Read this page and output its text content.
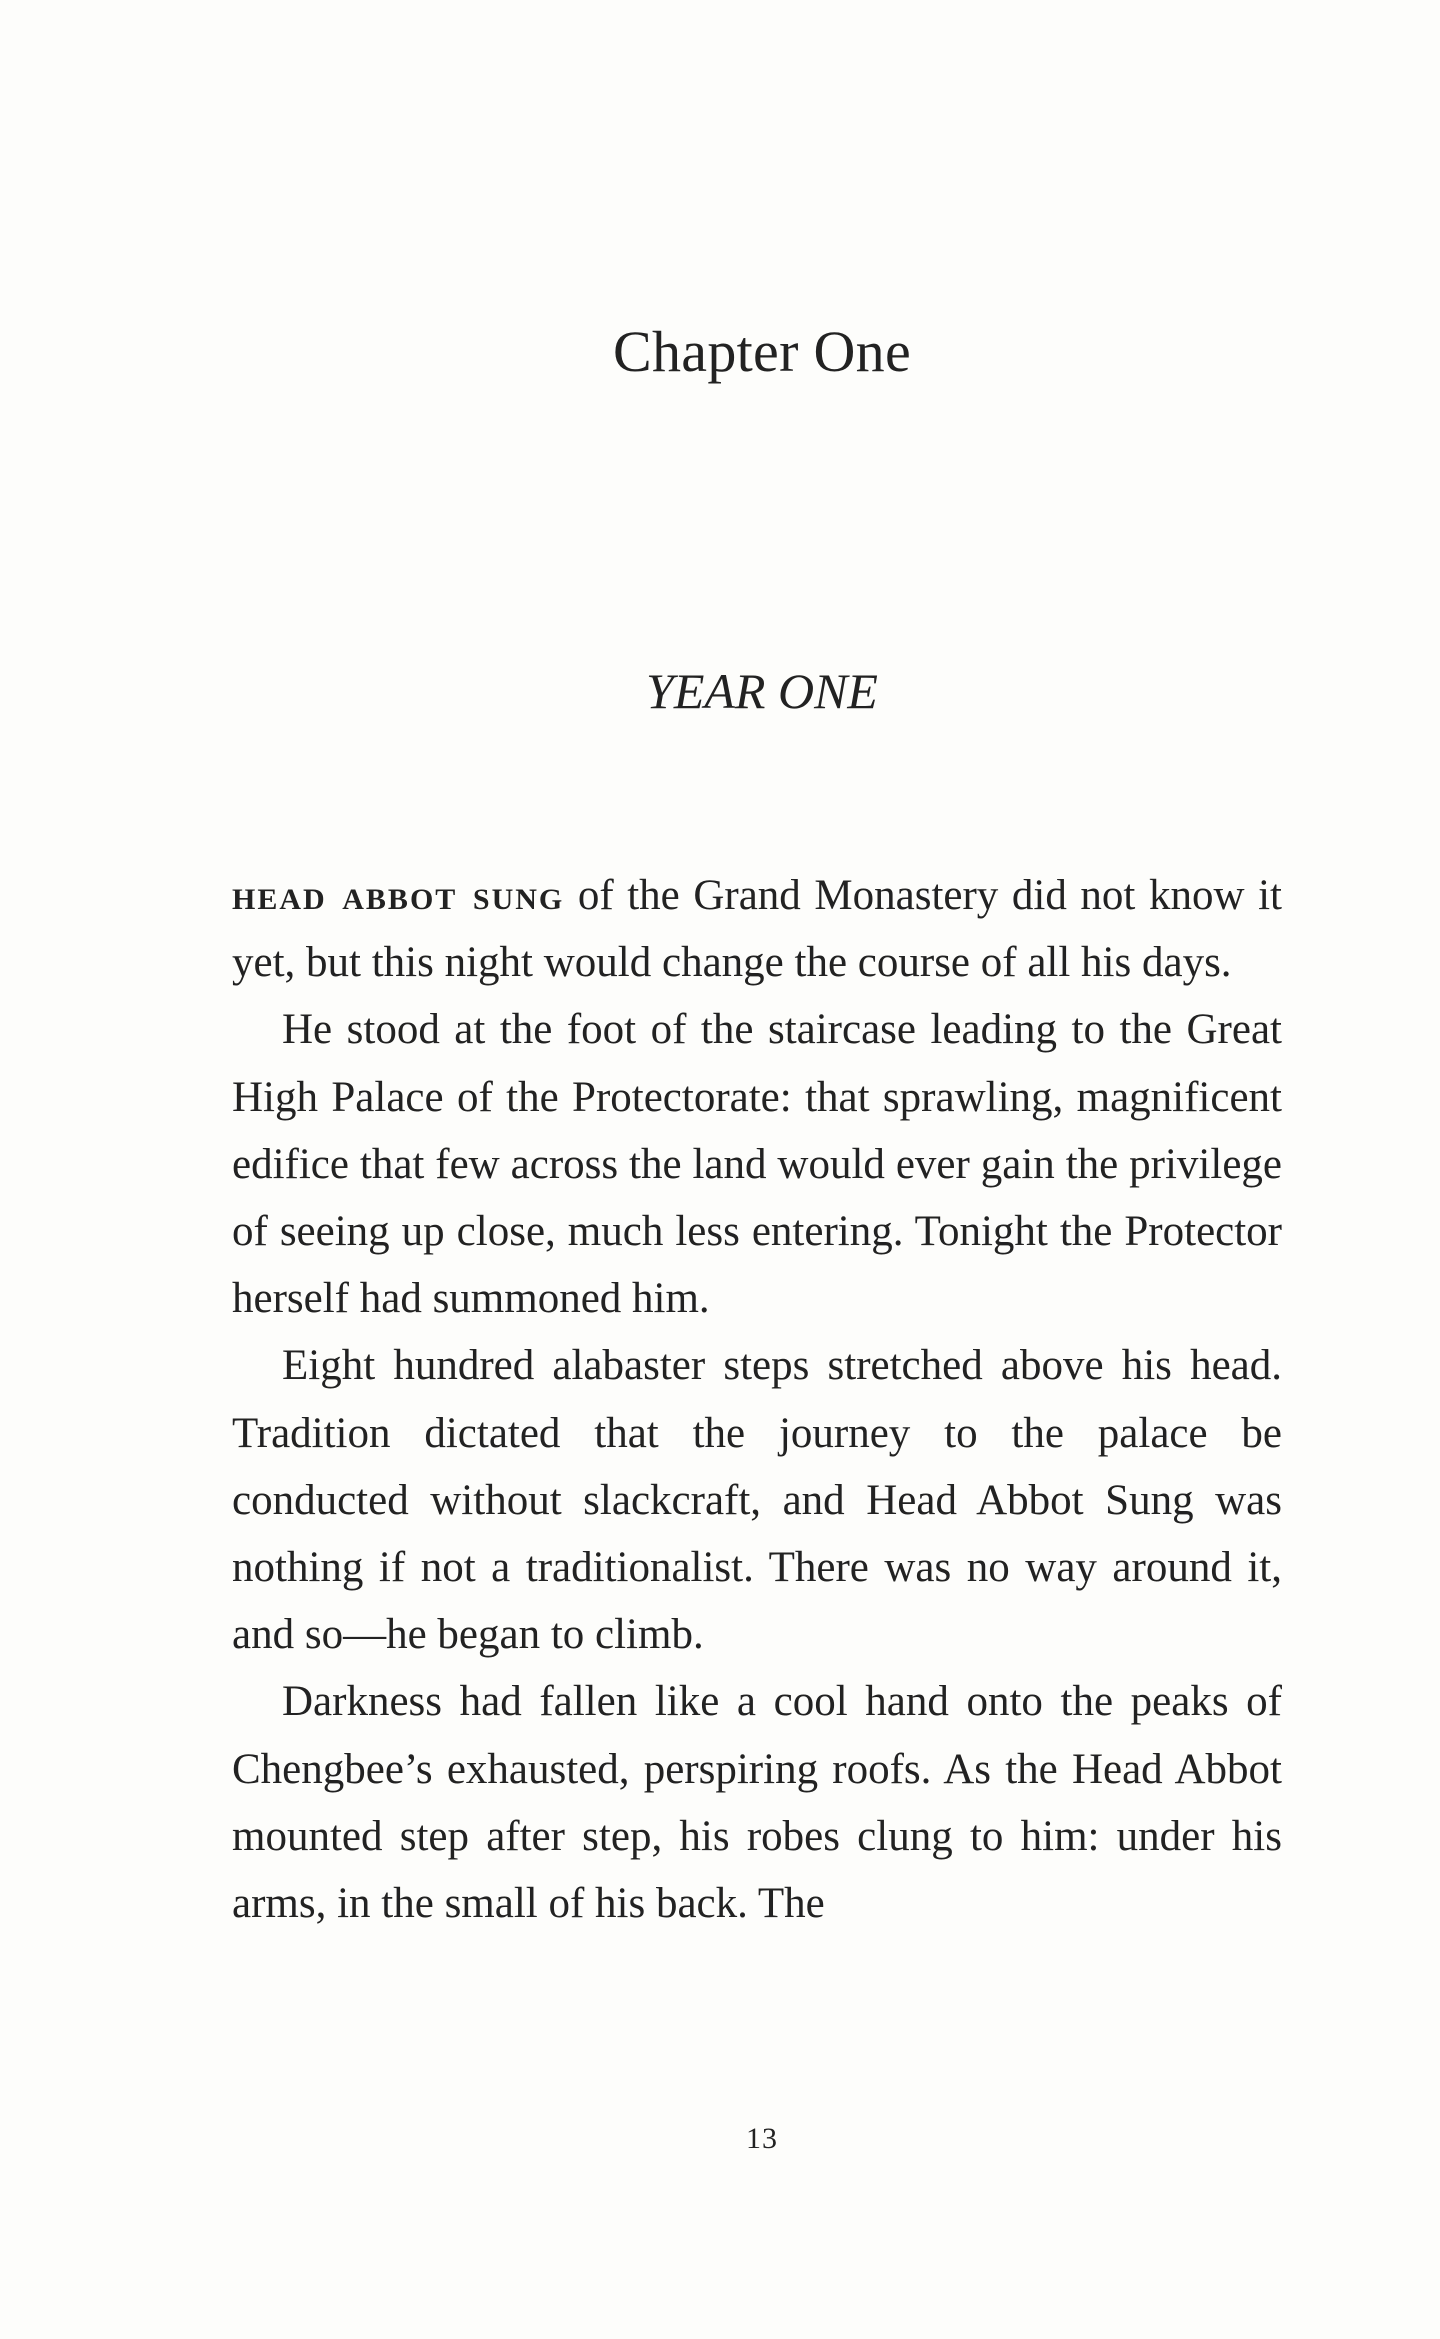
Chapter One
YEAR ONE

head abbot sung of the Grand Monastery did not know it yet, but this night would change the course of all his days.

He stood at the foot of the staircase leading to the Great High Palace of the Protectorate: that sprawling, magnificent edifice that few across the land would ever gain the privilege of seeing up close, much less entering. Tonight the Protector herself had summoned him.

Eight hundred alabaster steps stretched above his head. Tradition dictated that the journey to the palace be conducted without slackcraft, and Head Abbot Sung was nothing if not a traditionalist. There was no way around it, and so—he began to climb.

Darkness had fallen like a cool hand onto the peaks of Chengbee’s exhausted, perspiring roofs. As the Head Abbot mounted step after step, his robes clung to him: under his arms, in the small of his back. The

13
